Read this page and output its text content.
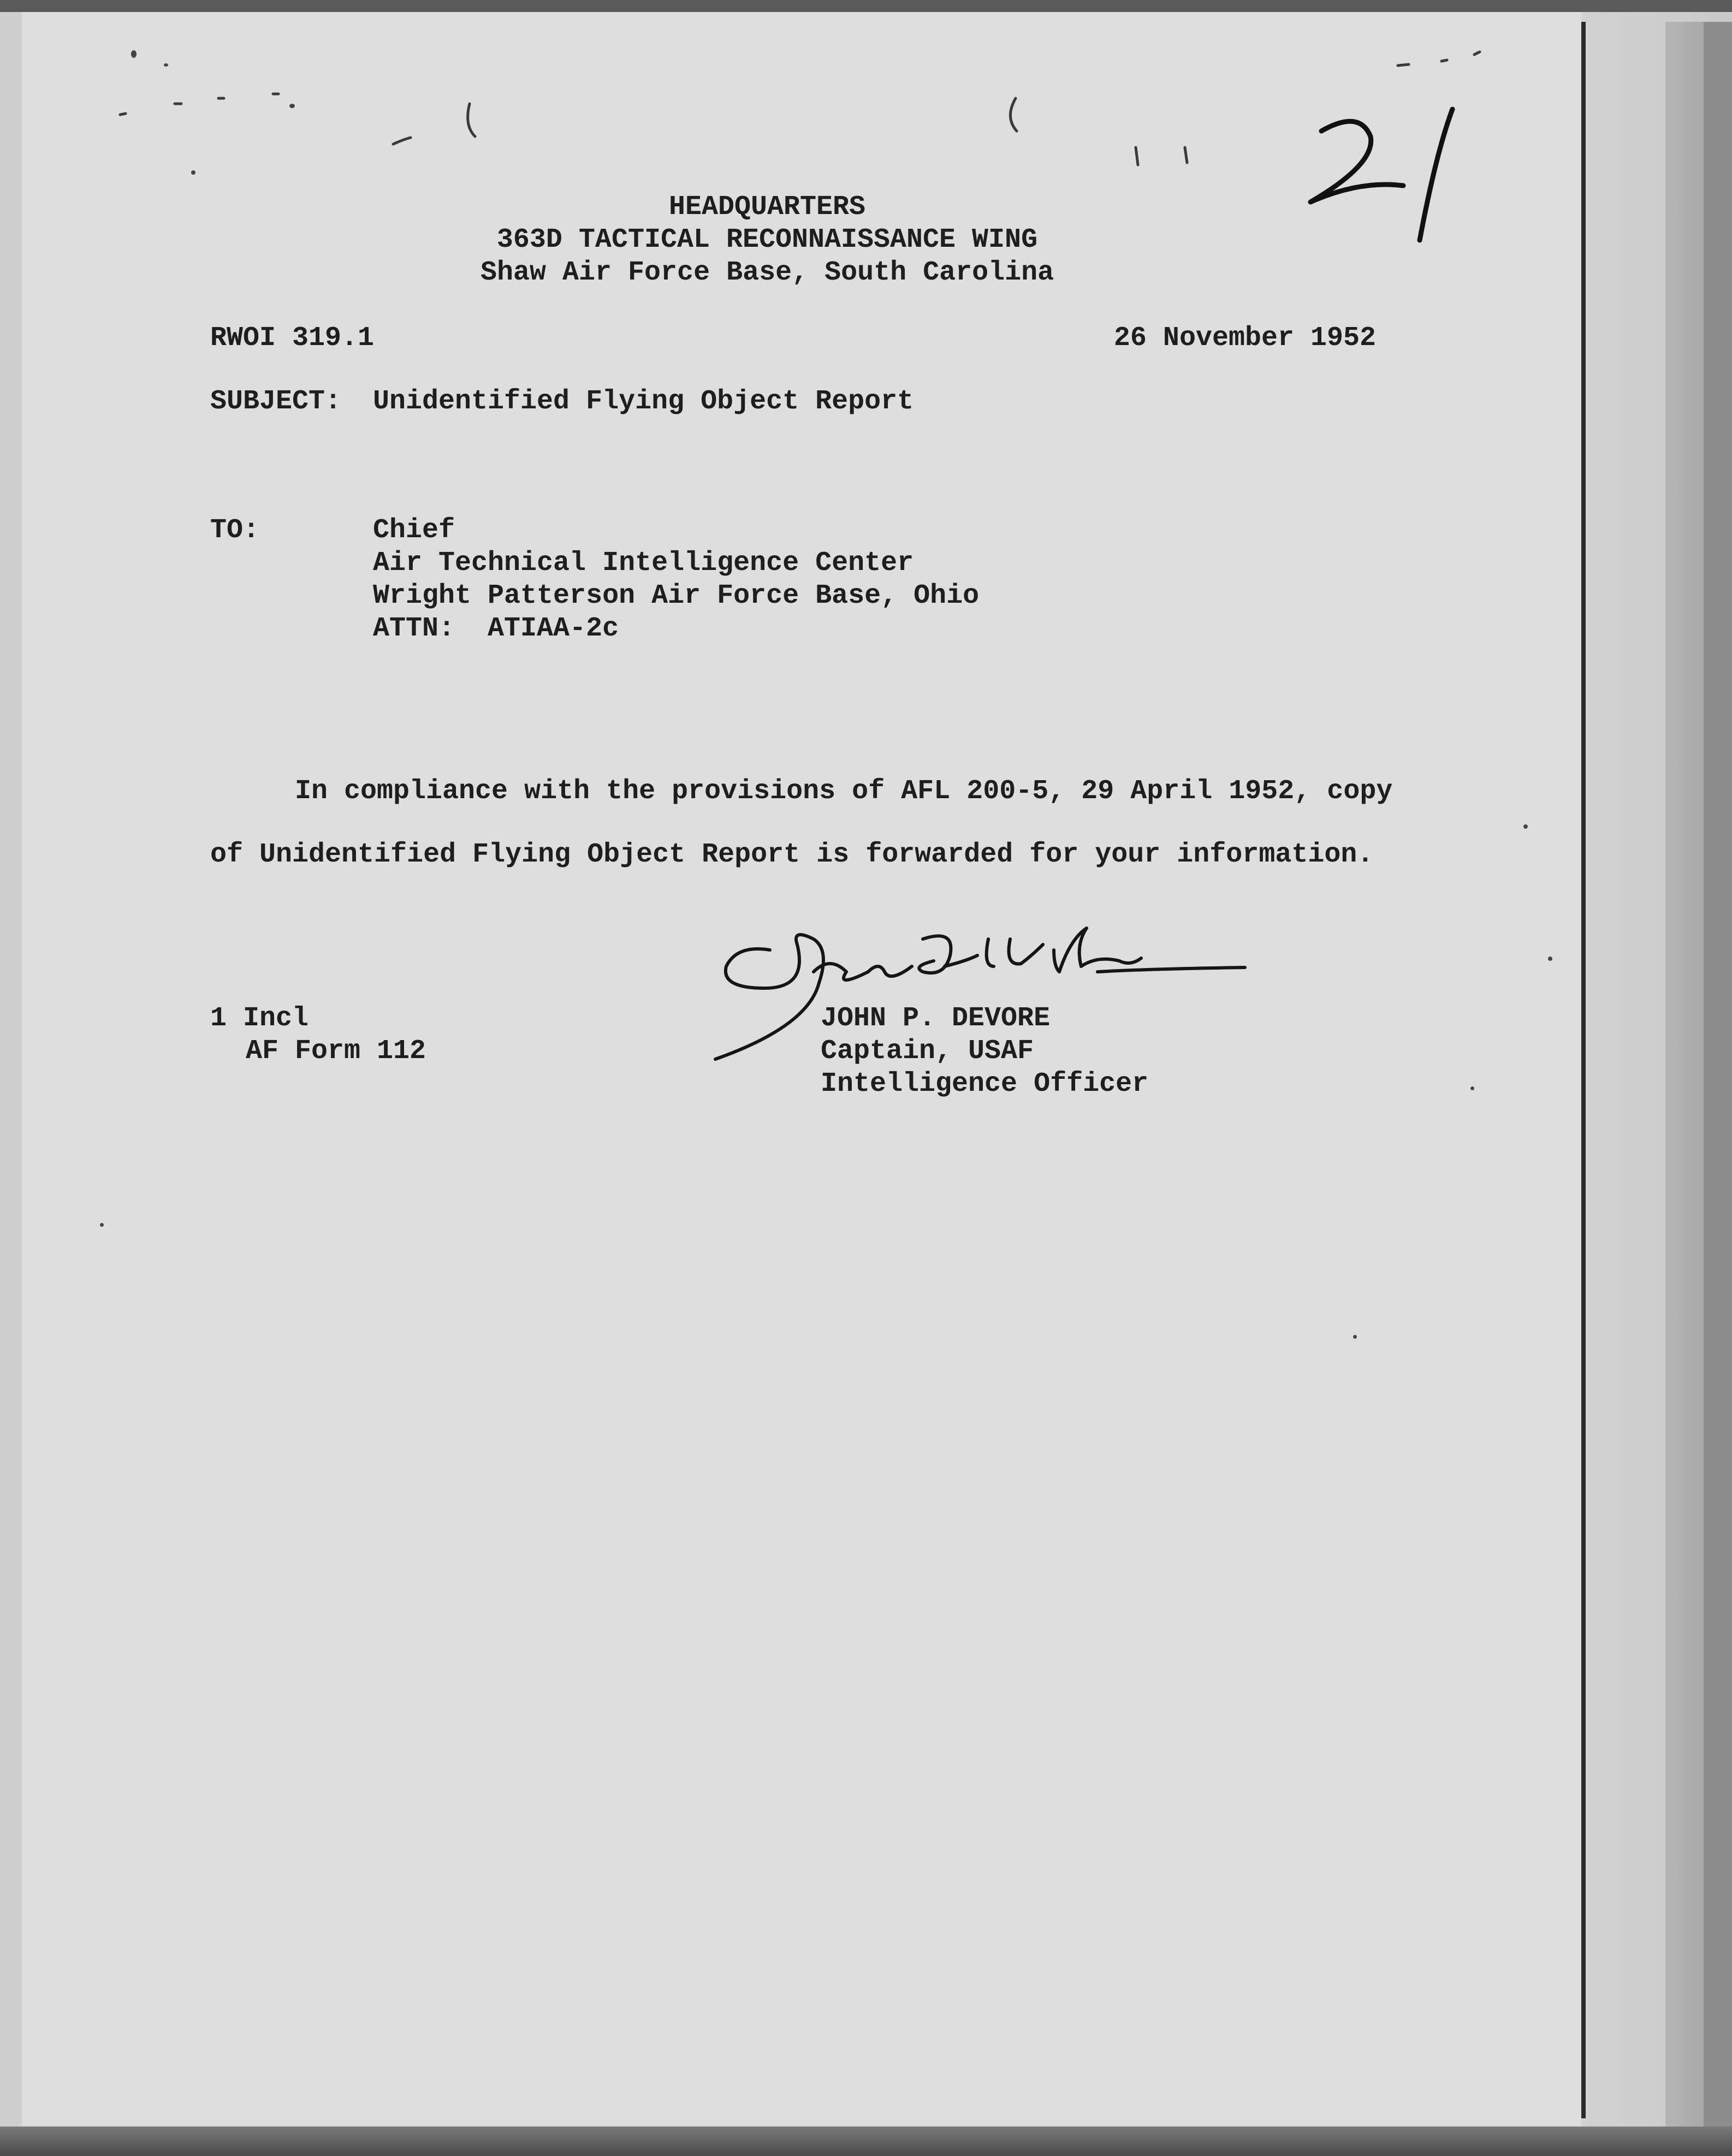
HEADQUARTERS
363D TACTICAL RECONNAISSANCE WING
Shaw Air Force Base, South Carolina
RWOI 319.1	26 November 1952
SUBJECT: Unidentified Flying Object Report
TO:	Chief
Air Technical Intelligence Center
Wright Patterson Air Force Base, Ohio
ATTN:  ATIAA-2c
In compliance with the provisions of AFL 200-5, 29 April 1952, copy
of Unidentified Flying Object Report is forwarded for your information.
1 Incl
AF Form 112
JOHN P. DEVORE
Captain, USAF
Intelligence Officer
